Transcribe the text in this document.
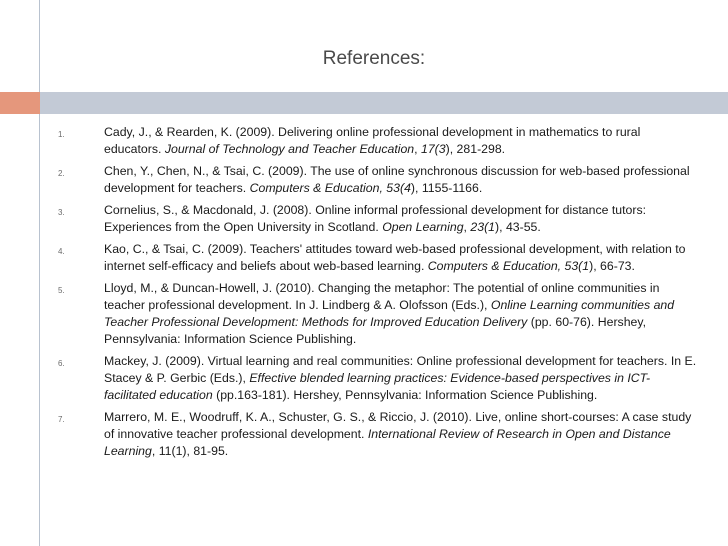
References:
1.	Cady, J., & Rearden, K. (2009). Delivering online professional development in mathematics to rural educators. Journal of Technology and Teacher Education, 17(3), 281-298.
2.	Chen, Y., Chen, N., & Tsai, C. (2009). The use of online synchronous discussion for web-based professional development for teachers. Computers & Education, 53(4), 1155-1166.
3.	Cornelius, S., & Macdonald, J. (2008). Online informal professional development for distance tutors: Experiences from the Open University in Scotland. Open Learning, 23(1), 43-55.
4.	Kao, C., & Tsai, C. (2009). Teachers' attitudes toward web-based professional development, with relation to internet self-efficacy and beliefs about web-based learning. Computers & Education, 53(1), 66-73.
5.	Lloyd, M., & Duncan-Howell, J. (2010). Changing the metaphor: The potential of online communities in teacher professional development. In J. Lindberg & A. Olofsson (Eds.), Online Learning communities and Teacher Professional Development: Methods for Improved Education Delivery (pp. 60-76). Hershey, Pennsylvania: Information Science Publishing.
6.	Mackey, J. (2009). Virtual learning and real communities: Online professional development for teachers. In E. Stacey & P. Gerbic (Eds.), Effective blended learning practices: Evidence-based perspectives in ICT-facilitated education (pp.163-181). Hershey, Pennsylvania: Information Science Publishing.
7.	Marrero, M. E., Woodruff, K. A., Schuster, G. S., & Riccio, J. (2010). Live, online short-courses: A case study of innovative teacher professional development. International Review of Research in Open and Distance Learning, 11(1), 81-95.
